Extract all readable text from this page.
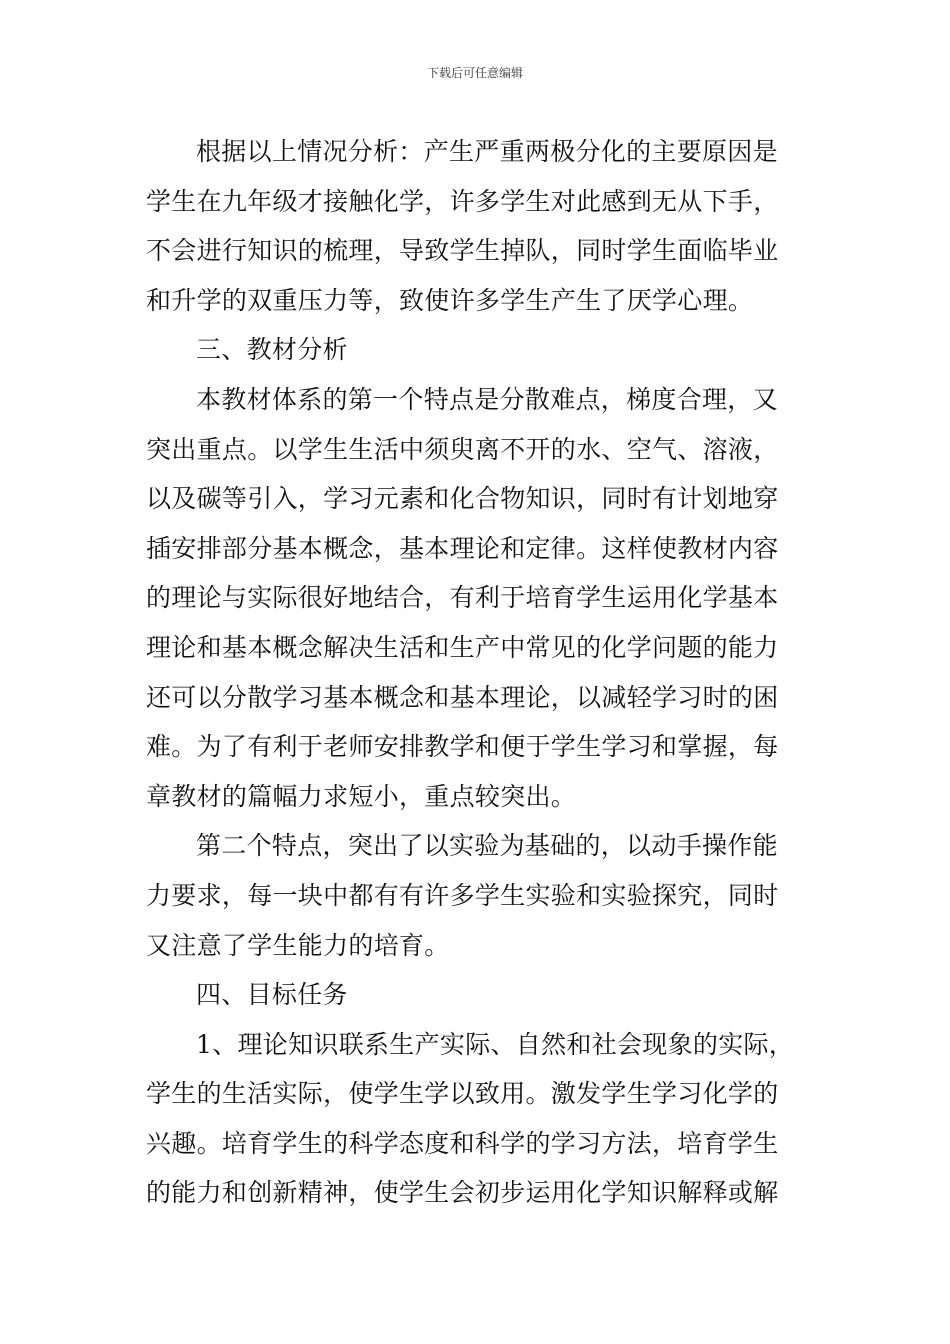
下载后可任意编辑
根据以上情况分析：产生严重两极分化的主要原因是
学生在九年级才接触化学，许多学生对此感到无从下手，
不会进行知识的梳理，导致学生掉队，同时学生面临毕业
和升学的双重压力等，致使许多学生产生了厌学心理。
三、教材分析
本教材体系的第一个特点是分散难点，梯度合理，又
突出重点。以学生生活中须臾离不开的水、空气、溶液，
以及碳等引入，学习元素和化合物知识，同时有计划地穿
插安排部分基本概念，基本理论和定律。这样使教材内容
的理论与实际很好地结合，有利于培育学生运用化学基本
理论和基本概念解决生活和生产中常见的化学问题的能力
还可以分散学习基本概念和基本理论，以减轻学习时的困
难。为了有利于老师安排教学和便于学生学习和掌握，每
章教材的篇幅力求短小，重点较突出。
第二个特点，突出了以实验为基础的，以动手操作能
力要求，每一块中都有有许多学生实验和实验探究，同时
又注意了学生能力的培育。
四、目标任务
1、理论知识联系生产实际、自然和社会现象的实际，
学生的生活实际，使学生学以致用。激发学生学习化学的
兴趣。培育学生的科学态度和科学的学习方法，培育学生
的能力和创新精神，使学生会初步运用化学知识解释或解
